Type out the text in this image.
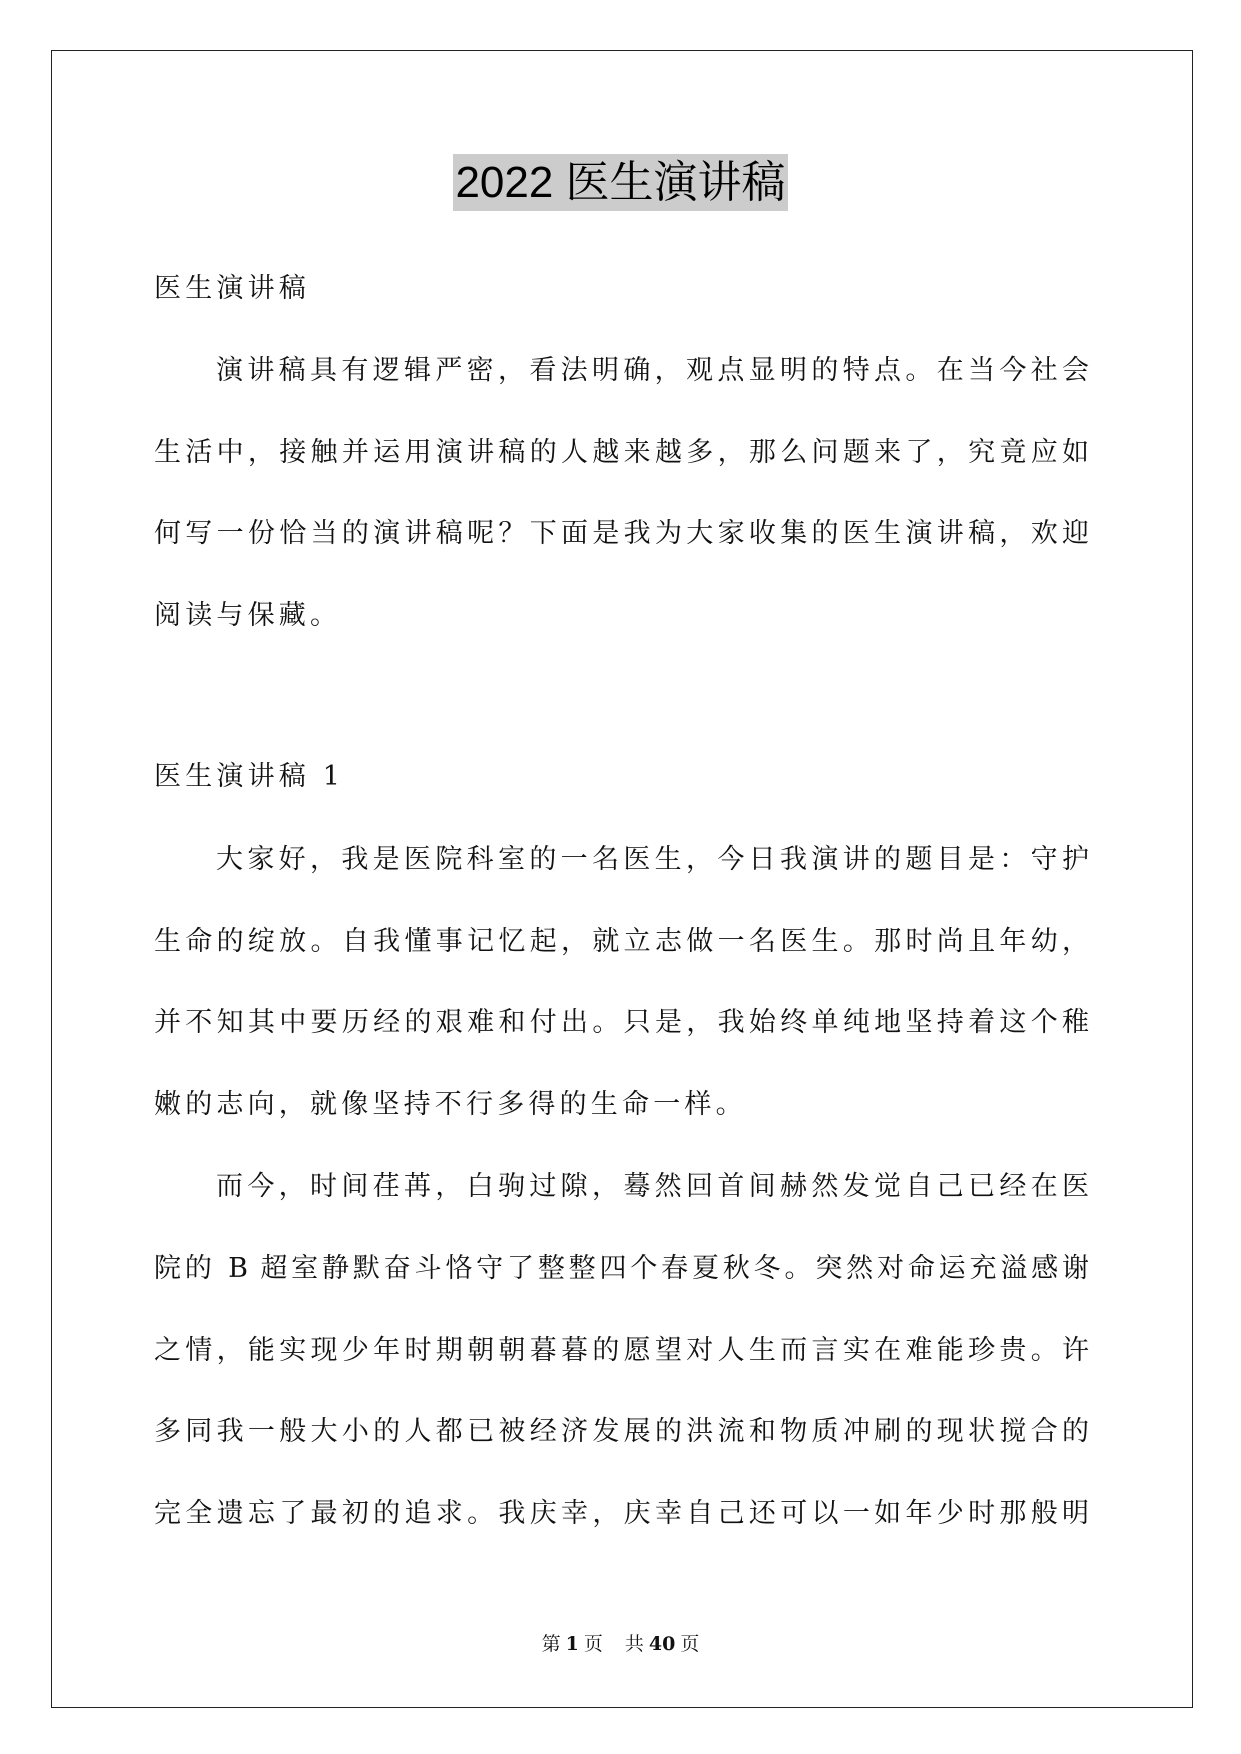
2022 医生演讲稿
医生演讲稿
演讲稿具有逻辑严密，看法明确，观点显明的特点。在当今社会
生活中，接触并运用演讲稿的人越来越多，那么问题来了，究竟应如
何写一份恰当的演讲稿呢？下面是我为大家收集的医生演讲稿，欢迎
阅读与保藏。
医生演讲稿 1
大家好，我是医院科室的一名医生，今日我演讲的题目是：守护
生命的绽放。自我懂事记忆起，就立志做一名医生。那时尚且年幼，
并不知其中要历经的艰难和付出。只是，我始终单纯地坚持着这个稚
嫩的志向，就像坚持不行多得的生命一样。
而今，时间荏苒，白驹过隙，蓦然回首间赫然发觉自己已经在医
院的 B 超室静默奋斗恪守了整整四个春夏秋冬。突然对命运充溢感谢
之情，能实现少年时期朝朝暮暮的愿望对人生而言实在难能珍贵。许
多同我一般大小的人都已被经济发展的洪流和物质冲刷的现状搅合的
完全遗忘了最初的追求。我庆幸，庆幸自己还可以一如年少时那般明
第 1 页 共 40 页
